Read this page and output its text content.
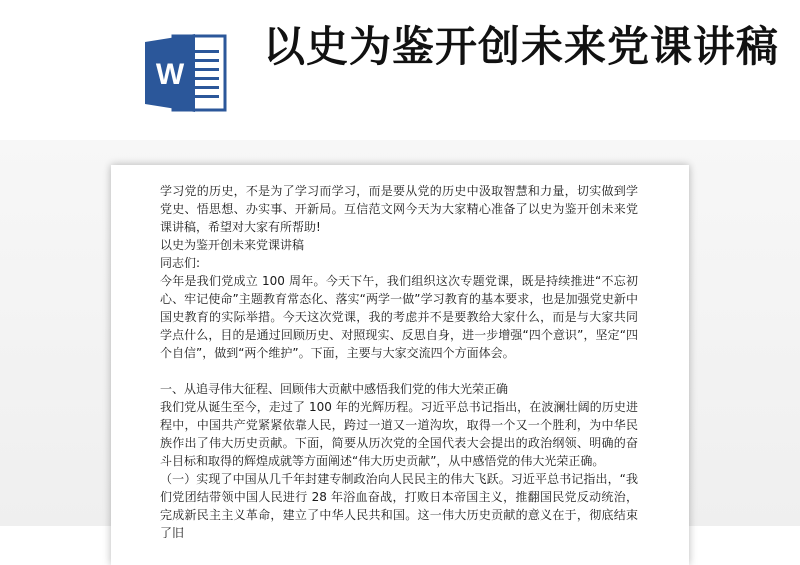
W
以史为鉴开创未来党课讲稿

学习党的历史，不是为了学习而学习，而是要从党的历史中汲取智慧和力量，切实做到学党史、悟思想、办实事、开新局。互信范文网今天为大家精心准备了以史为鉴开创未来党课讲稿，希望对大家有所帮助!

以史为鉴开创未来党课讲稿

同志们:

今年是我们党成立 100 周年。今天下午，我们组织这次专题党课，既是持续推进“不忘初心、牢记使命”主题教育常态化、落实“两学一做”学习教育的基本要求，也是加强党史新中国史教育的实际举措。今天这次党课，我的考虑并不是要教给大家什么，而是与大家共同学点什么，目的是通过回顾历史、对照现实、反思自身，进一步增强“四个意识”，坚定“四个自信”，做到“两个维护”。下面，主要与大家交流四个方面体会。

一、从追寻伟大征程、回顾伟大贡献中感悟我们党的伟大光荣正确

我们党从诞生至今，走过了 100 年的光辉历程。习近平总书记指出，在波澜壮阔的历史进程中，中国共产党紧紧依靠人民，跨过一道又一道沟坎，取得一个又一个胜利，为中华民族作出了伟大历史贡献。下面，简要从历次党的全国代表大会提出的政治纲领、明确的奋斗目标和取得的辉煌成就等方面阐述“伟大历史贡献”，从中感悟党的伟大光荣正确。

（一）实现了中国从几千年封建专制政治向人民民主的伟大飞跃。习近平总书记指出，“我们党团结带领中国人民进行 28 年浴血奋战，打败日本帝国主义，推翻国民党反动统治，完成新民主主义革命，建立了中华人民共和国。这一伟大历史贡献的意义在于，彻底结束了旧
